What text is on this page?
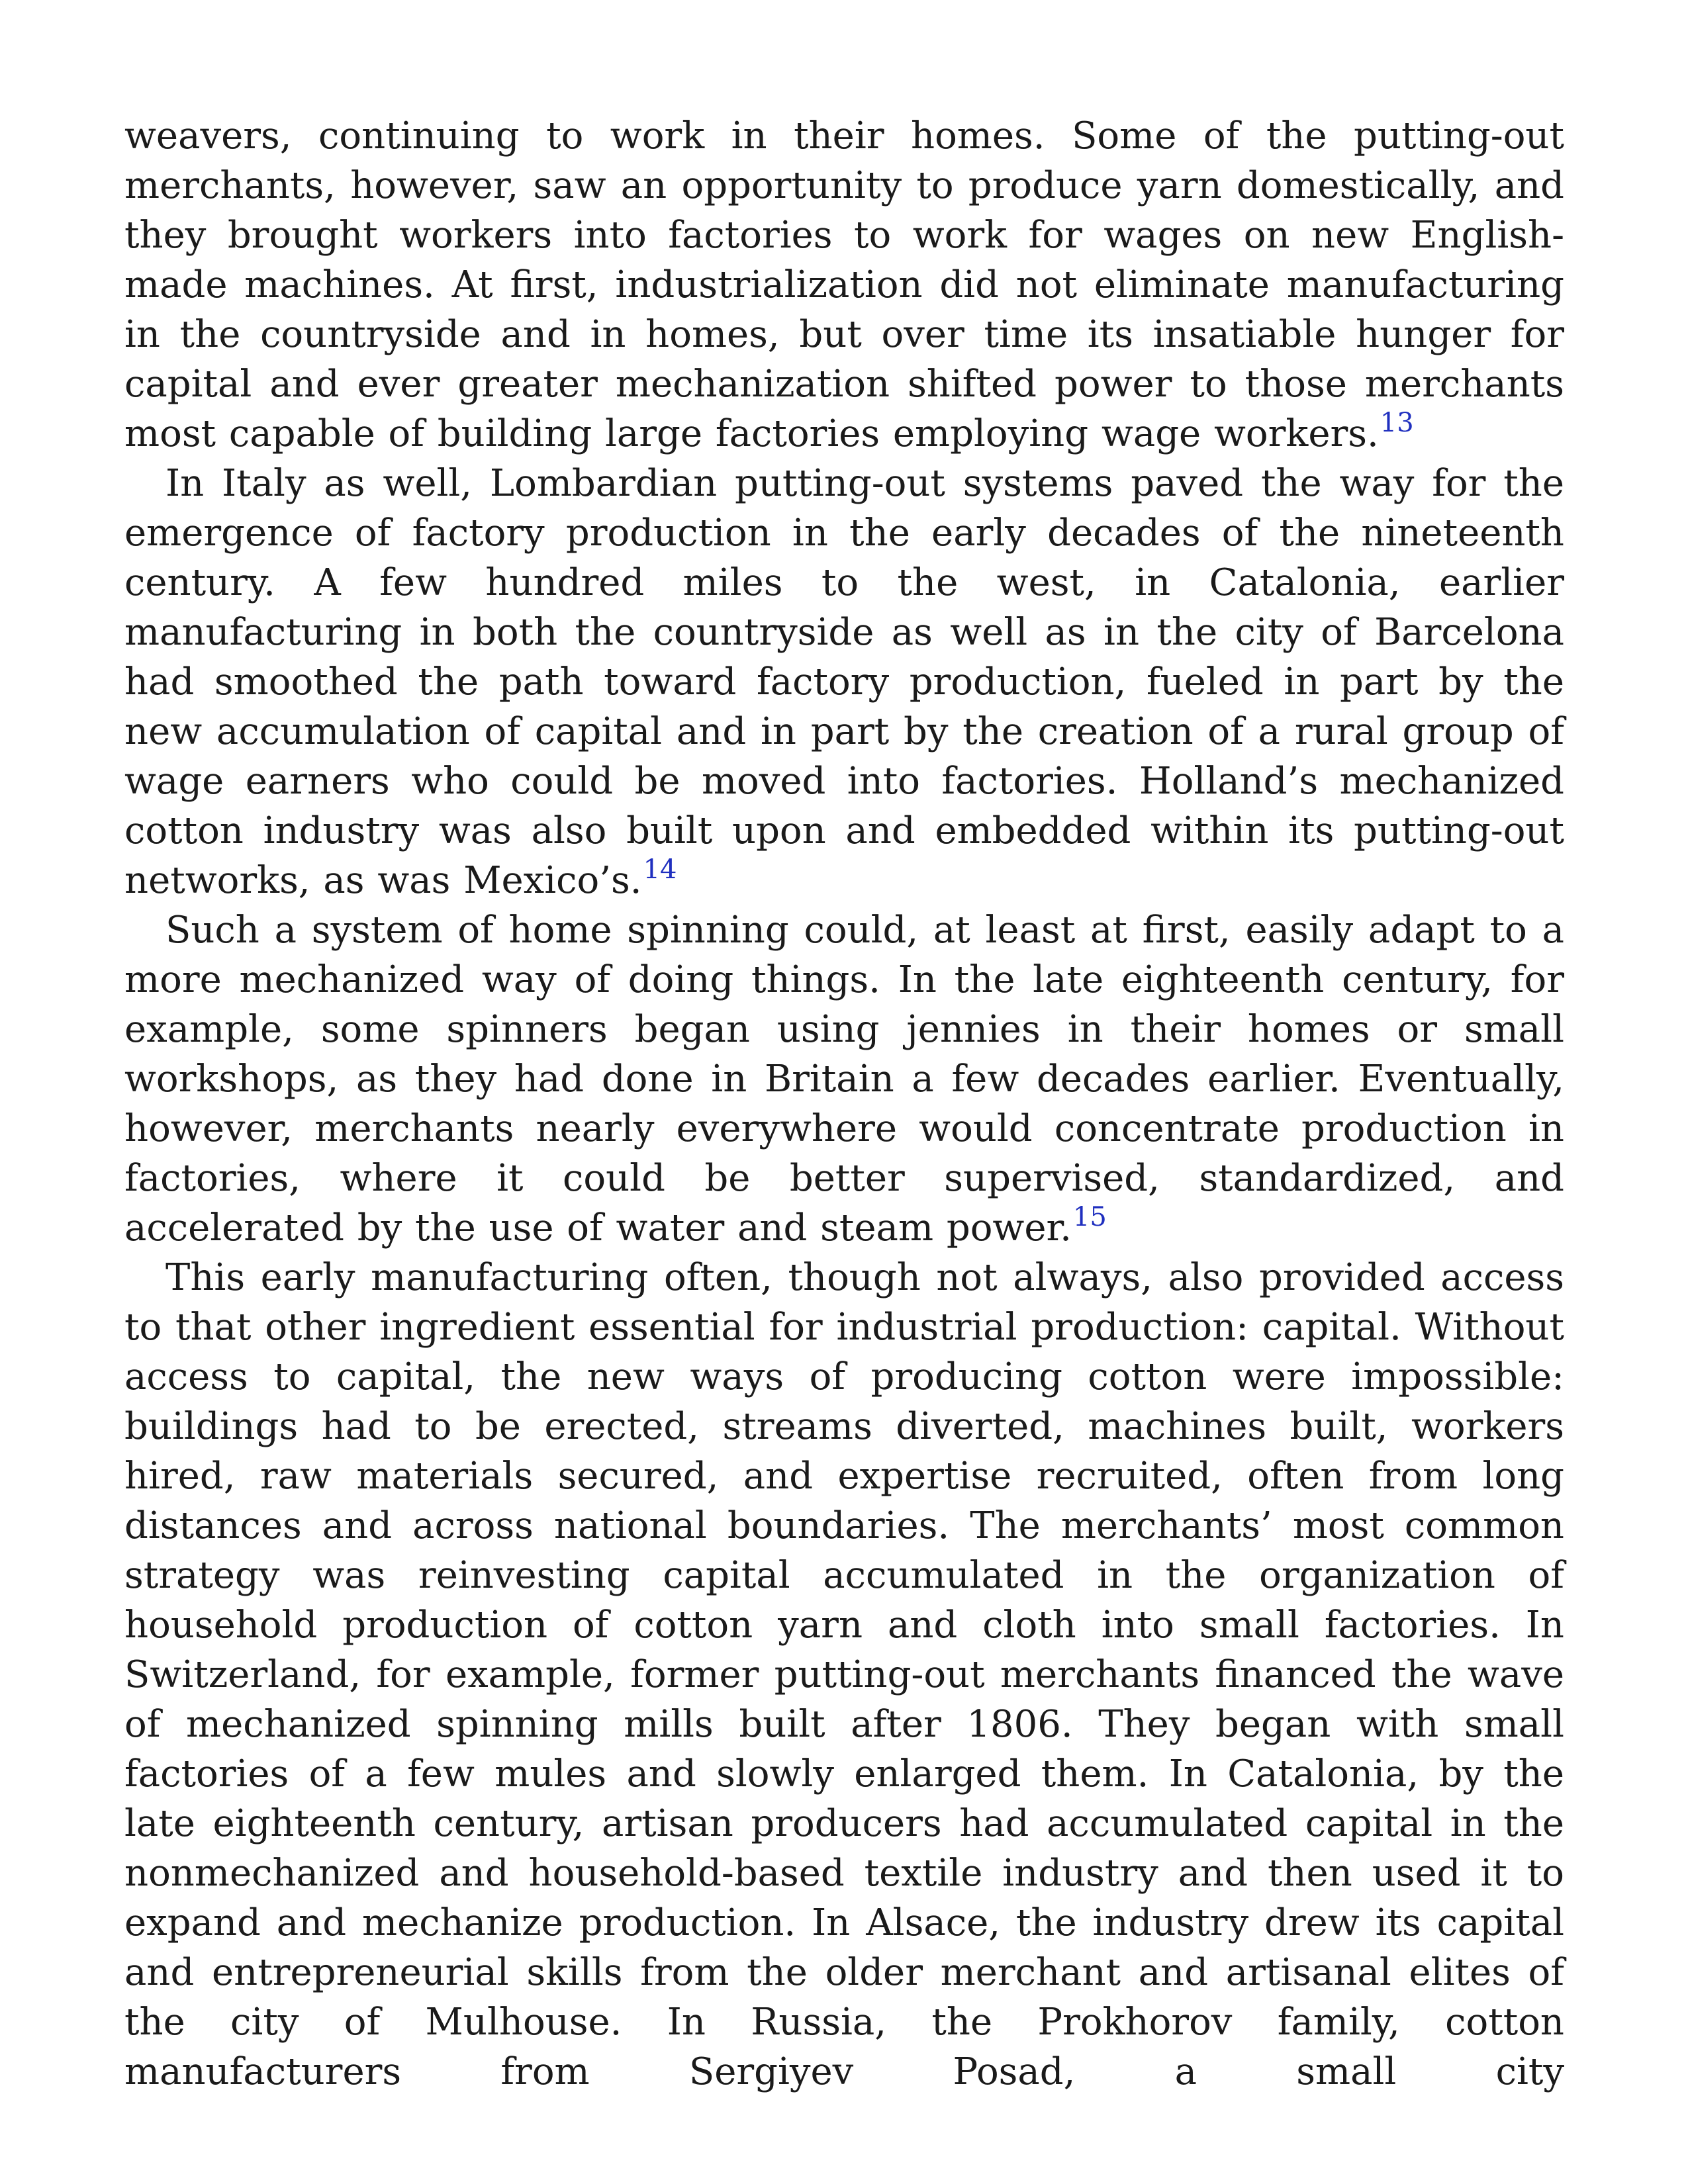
weavers, continuing to work in their homes. Some of the putting-out merchants, however, saw an opportunity to produce yarn domestically, and they brought workers into factories to work for wages on new English-made machines. At first, industrialization did not eliminate manufacturing in the countryside and in homes, but over time its insatiable hunger for capital and ever greater mechanization shifted power to those merchants most capable of building large factories employing wage workers.$^{13}$

In Italy as well, Lombardian putting-out systems paved the way for the emergence of factory production in the early decades of the nineteenth century. A few hundred miles to the west, in Catalonia, earlier manufacturing in both the countryside as well as in the city of Barcelona had smoothed the path toward factory production, fueled in part by the new accumulation of capital and in part by the creation of a rural group of wage earners who could be moved into factories. Holland’s mechanized cotton industry was also built upon and embedded within its putting-out networks, as was Mexico’s.$^{14}$

Such a system of home spinning could, at least at first, easily adapt to a more mechanized way of doing things. In the late eighteenth century, for example, some spinners began using jennies in their homes or small workshops, as they had done in Britain a few decades earlier. Eventually, however, merchants nearly everywhere would concentrate production in factories, where it could be better supervised, standardized, and accelerated by the use of water and steam power.$^{15}$

This early manufacturing often, though not always, also provided access to that other ingredient essential for industrial production: capital. Without access to capital, the new ways of producing cotton were impossible: buildings had to be erected, streams diverted, machines built, workers hired, raw materials secured, and expertise recruited, often from long distances and across national boundaries. The merchants’ most common strategy was reinvesting capital accumulated in the organization of household production of cotton yarn and cloth into small factories. In Switzerland, for example, former putting-out merchants financed the wave of mechanized spinning mills built after 1806. They began with small factories of a few mules and slowly enlarged them. In Catalonia, by the late eighteenth century, artisan producers had accumulated capital in the nonmechanized and household-based textile industry and then used it to expand and mechanize production. In Alsace, the industry drew its capital and entrepreneurial skills from the older merchant and artisanal elites of the city of Mulhouse. In Russia, the Prokhorov family, cotton manufacturers from Sergiyev Posad, a small city
